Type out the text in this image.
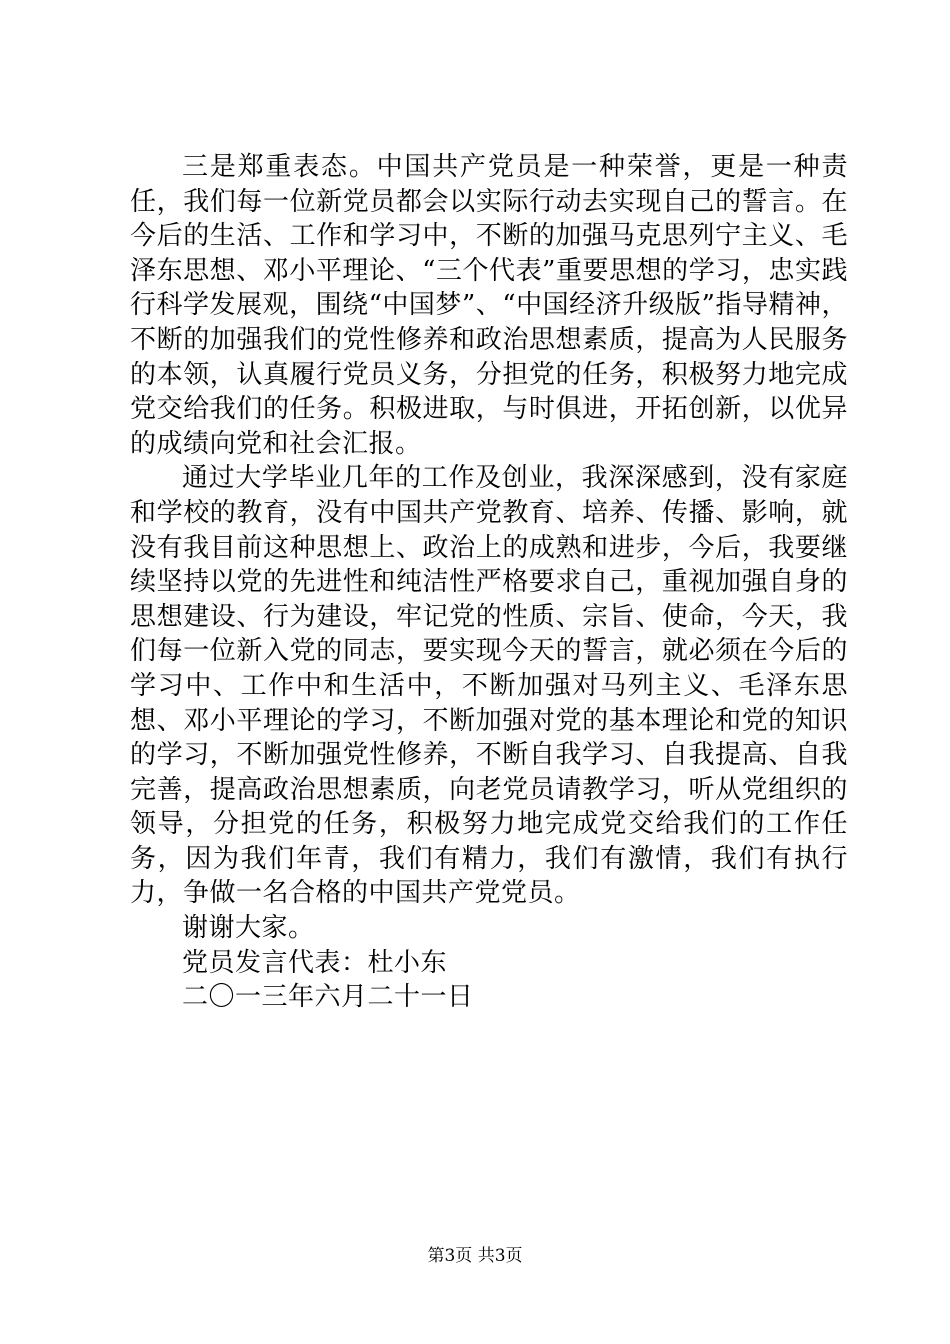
三是郑重表态。中国共产党员是一种荣誉，更是一种责任，我们每一位新党员都会以实际行动去实现自己的誓言。在今后的生活、工作和学习中，不断的加强马克思列宁主义、毛泽东思想、邓小平理论、“三个代表”重要思想的学习，忠实践行科学发展观，围绕“中国梦”、“中国经济升级版”指导精神，不断的加强我们的党性修养和政治思想素质，提高为人民服务的本领，认真履行党员义务，分担党的任务，积极努力地完成党交给我们的任务。积极进取，与时俱进，开拓创新，以优异的成绩向党和社会汇报。

通过大学毕业几年的工作及创业，我深深感到，没有家庭和学校的教育，没有中国共产党教育、培养、传播、影响，就没有我目前这种思想上、政治上的成熟和进步，今后，我要继续坚持以党的先进性和纯洁性严格要求自己，重视加强自身的思想建设、行为建设，牢记党的性质、宗旨、使命，今天，我们每一位新入党的同志，要实现今天的誓言，就必须在今后的学习中、工作中和生活中，不断加强对马列主义、毛泽东思想、邓小平理论的学习，不断加强对党的基本理论和党的知识的学习，不断加强党性修养，不断自我学习、自我提高、自我完善，提高政治思想素质，向老党员请教学习，听从党组织的领导，分担党的任务，积极努力地完成党交给我们的工作任务，因为我们年青，我们有精力，我们有激情，我们有执行力，争做一名合格的中国共产党党员。

谢谢大家。

党员发言代表：杜小东

二〇一三年六月二十一日

第3页 共3页
